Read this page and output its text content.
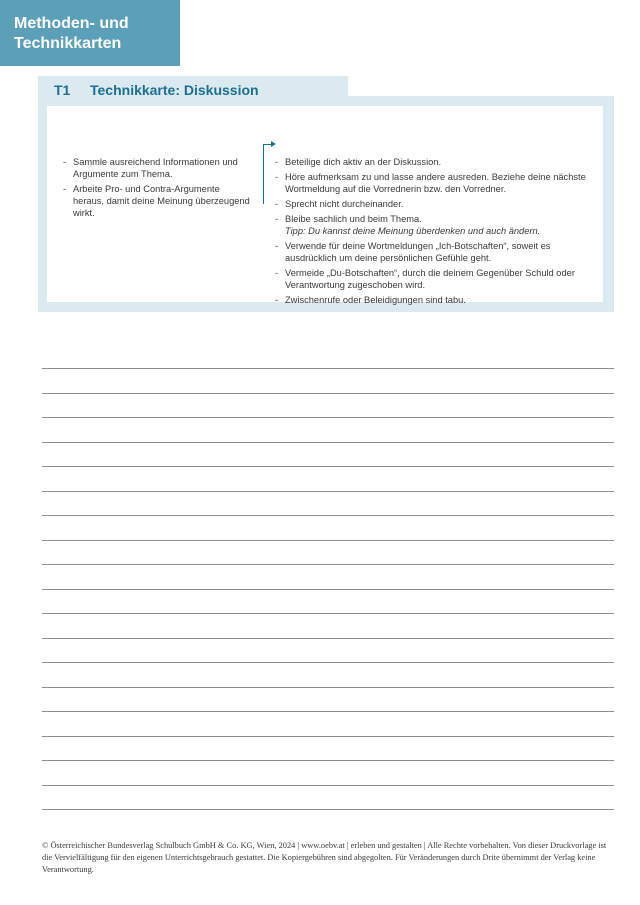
Methoden- und
Technikkarten
T1 Technikkarte: Diskussion
- Sammle ausreichend Informationen und Argumente zum Thema.
- Arbeite Pro- und Contra-Argumente heraus, damit deine Meinung überzeugend wirkt.
- Beteilige dich aktiv an der Diskussion.
- Höre aufmerksam zu und lasse andere ausreden. Beziehe deine nächste Wortmeldung auf die Vorrednerin bzw. den Vorredner.
- Sprecht nicht durcheinander.
- Bleibe sachlich und beim Thema.
Tipp: Du kannst deine Meinung überdenken und auch ändern.
- Verwende für deine Wortmeldungen „Ich-Botschaften“, soweit es ausdrücklich um deine persönlichen Gefühle geht.
- Vermeide „Du-Botschaften“, durch die deinem Gegenüber Schuld oder Verantwortung zugeschoben wird.
- Zwischenrufe oder Beleidigungen sind tabu.
© Österreichischer Bundesverlag Schulbuch GmbH & Co. KG, Wien, 2024 | www.oebv.at | erleben und gestalten | Alle Rechte vorbehalten. Von dieser Druckvorlage ist die Vervielfältigung für den eigenen Unterrichtsgebrauch gestattet. Die Kopiergebühren sind abgegolten. Für Veränderungen durch Drite übernimmt der Verlag keine Verantwortung.
